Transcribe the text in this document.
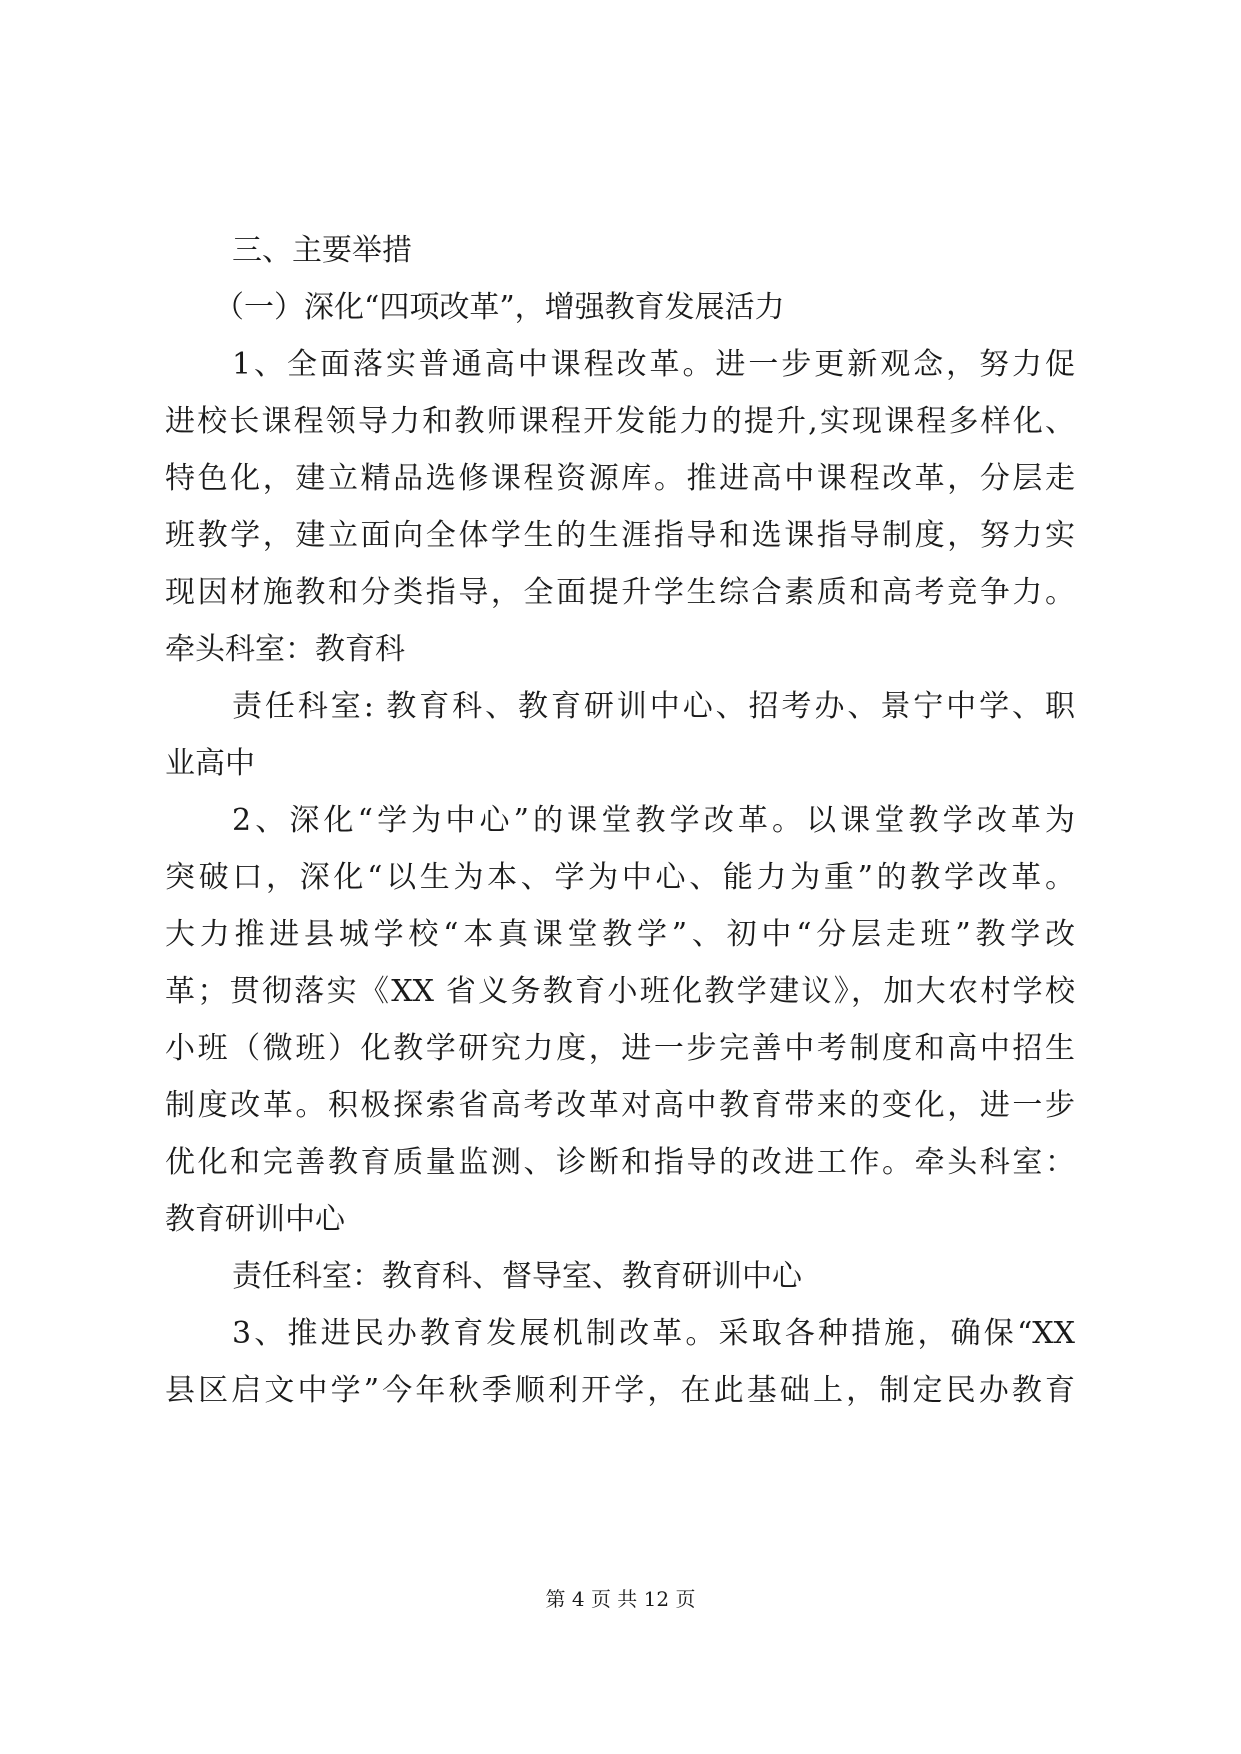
三、主要举措
（一）深化“四项改革”，增强教育发展活力
1、全面落实普通高中课程改革。进一步更新观念，努力促
进校长课程领导力和教师课程开发能力的提升,实现课程多样化、
特色化，建立精品选修课程资源库。推进高中课程改革，分层走
班教学，建立面向全体学生的生涯指导和选课指导制度，努力实
现因材施教和分类指导，全面提升学生综合素质和高考竞争力。
牵头科室：教育科
责任科室: 教育科、教育研训中心、招考办、景宁中学、职
业高中
2、深化“学为中心”的课堂教学改革。以课堂教学改革为
突破口，深化“以生为本、学为中心、能力为重”的教学改革。
大力推进县城学校“本真课堂教学”、初中“分层走班”教学改
革；贯彻落实《XX 省义务教育小班化教学建议》，加大农村学校
小班（微班）化教学研究力度，进一步完善中考制度和高中招生
制度改革。积极探索省高考改革对高中教育带来的变化，进一步
优化和完善教育质量监测、诊断和指导的改进工作。牵头科室：
教育研训中心
责任科室：教育科、督导室、教育研训中心
3、推进民办教育发展机制改革。采取各种措施，确保“XX
县区启文中学”今年秋季顺利开学，在此基础上，制定民办教育
第 4 页 共 12 页
